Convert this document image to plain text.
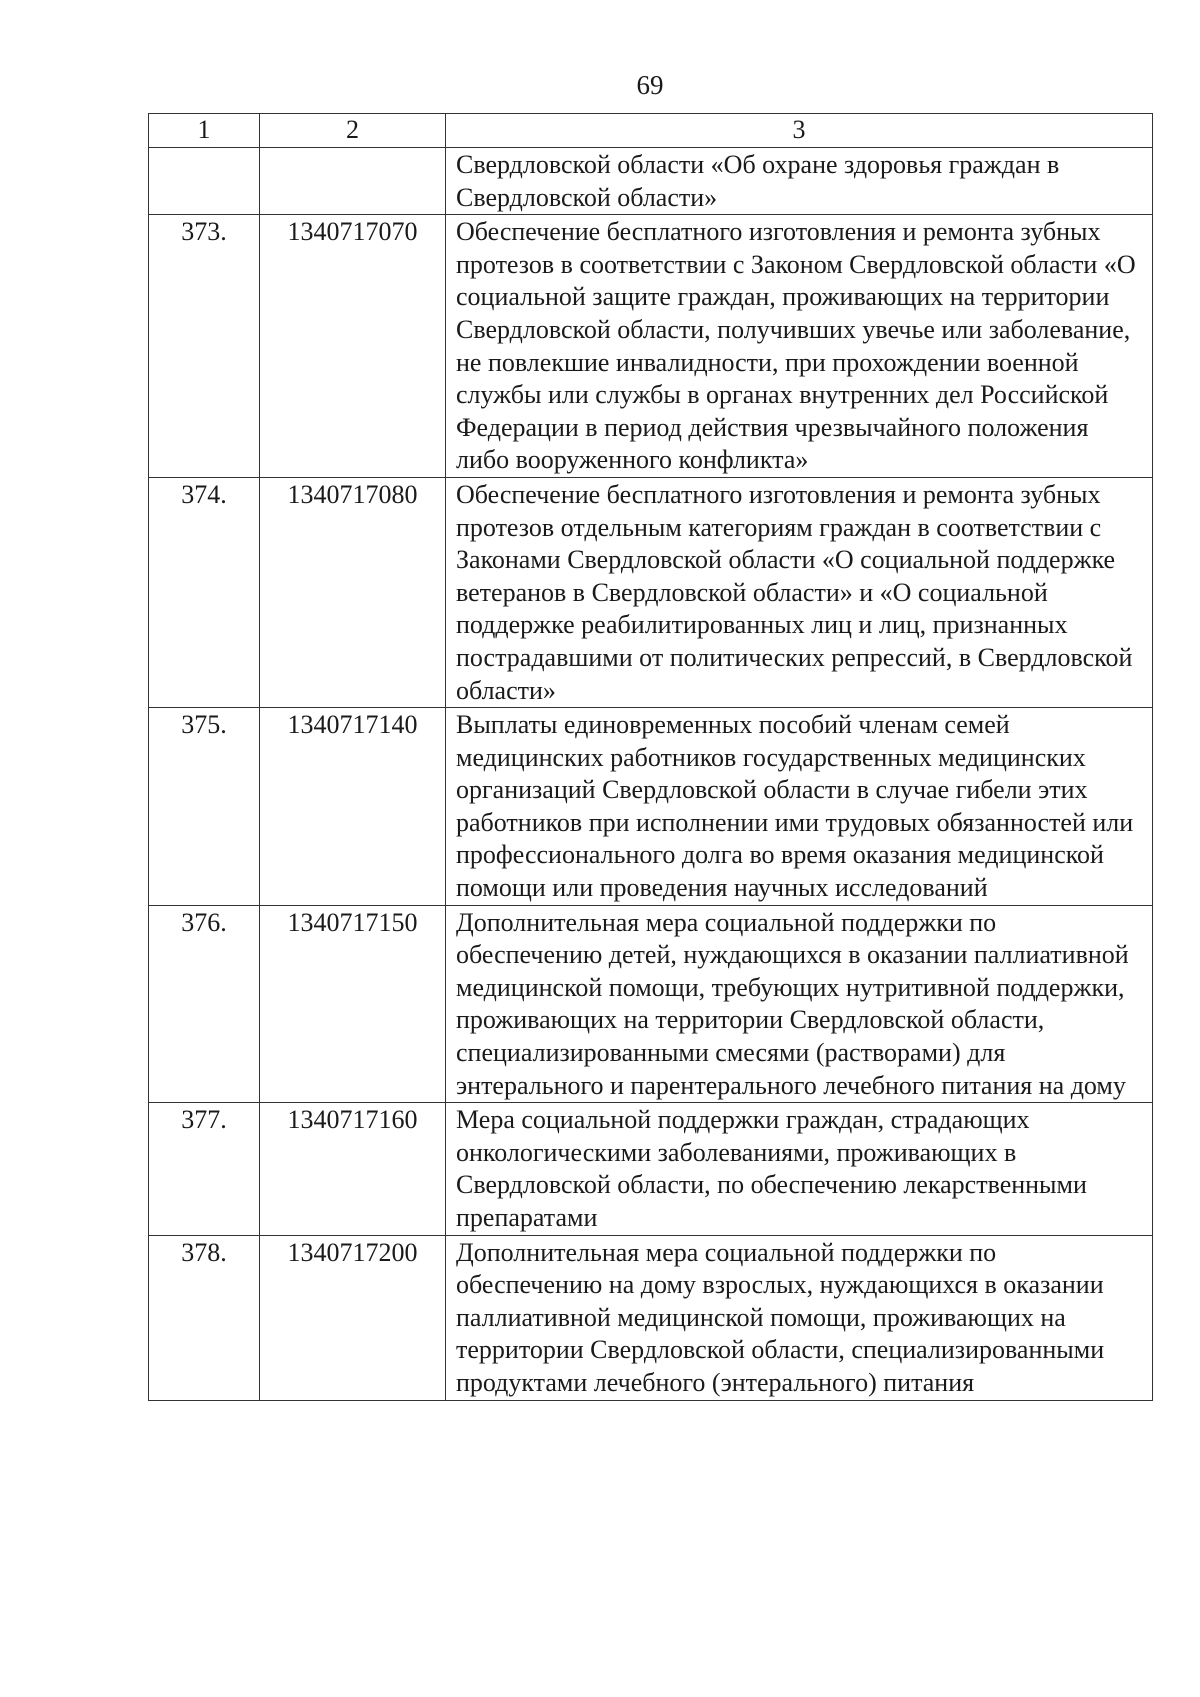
69
1	2	3
		Свердловской области «Об охране здоровья граждан в Свердловской области»
373.	1340717070	Обеспечение бесплатного изготовления и ремонта зубных протезов в соответствии с Законом Свердловской области «О социальной защите граждан, проживающих на территории Свердловской области, получивших увечье или заболевание, не повлекшие инвалидности, при прохождении военной службы или службы в органах внутренних дел Российской Федерации в период действия чрезвычайного положения либо вооруженного конфликта»
374.	1340717080	Обеспечение бесплатного изготовления и ремонта зубных протезов отдельным категориям граждан в соответствии с Законами Свердловской области «О социальной поддержке ветеранов в Свердловской области» и «О социальной поддержке реабилитированных лиц и лиц, признанных пострадавшими от политических репрессий, в Свердловской области»
375.	1340717140	Выплаты единовременных пособий членам семей медицинских работников государственных медицинских организаций Свердловской области в случае гибели этих работников при исполнении ими трудовых обязанностей или профессионального долга во время оказания медицинской помощи или проведения научных исследований
376.	1340717150	Дополнительная мера социальной поддержки по обеспечению детей, нуждающихся в оказании паллиативной медицинской помощи, требующих нутритивной поддержки, проживающих на территории Свердловской области, специализированными смесями (растворами) для энтерального и парентерального лечебного питания на дому
377.	1340717160	Мера социальной поддержки граждан, страдающих онкологическими заболеваниями, проживающих в Свердловской области, по обеспечению лекарственными препаратами
378.	1340717200	Дополнительная мера социальной поддержки по обеспечению на дому взрослых, нуждающихся в оказании паллиативной медицинской помощи, проживающих на территории Свердловской области, специализированными продуктами лечебного (энтерального) питания
